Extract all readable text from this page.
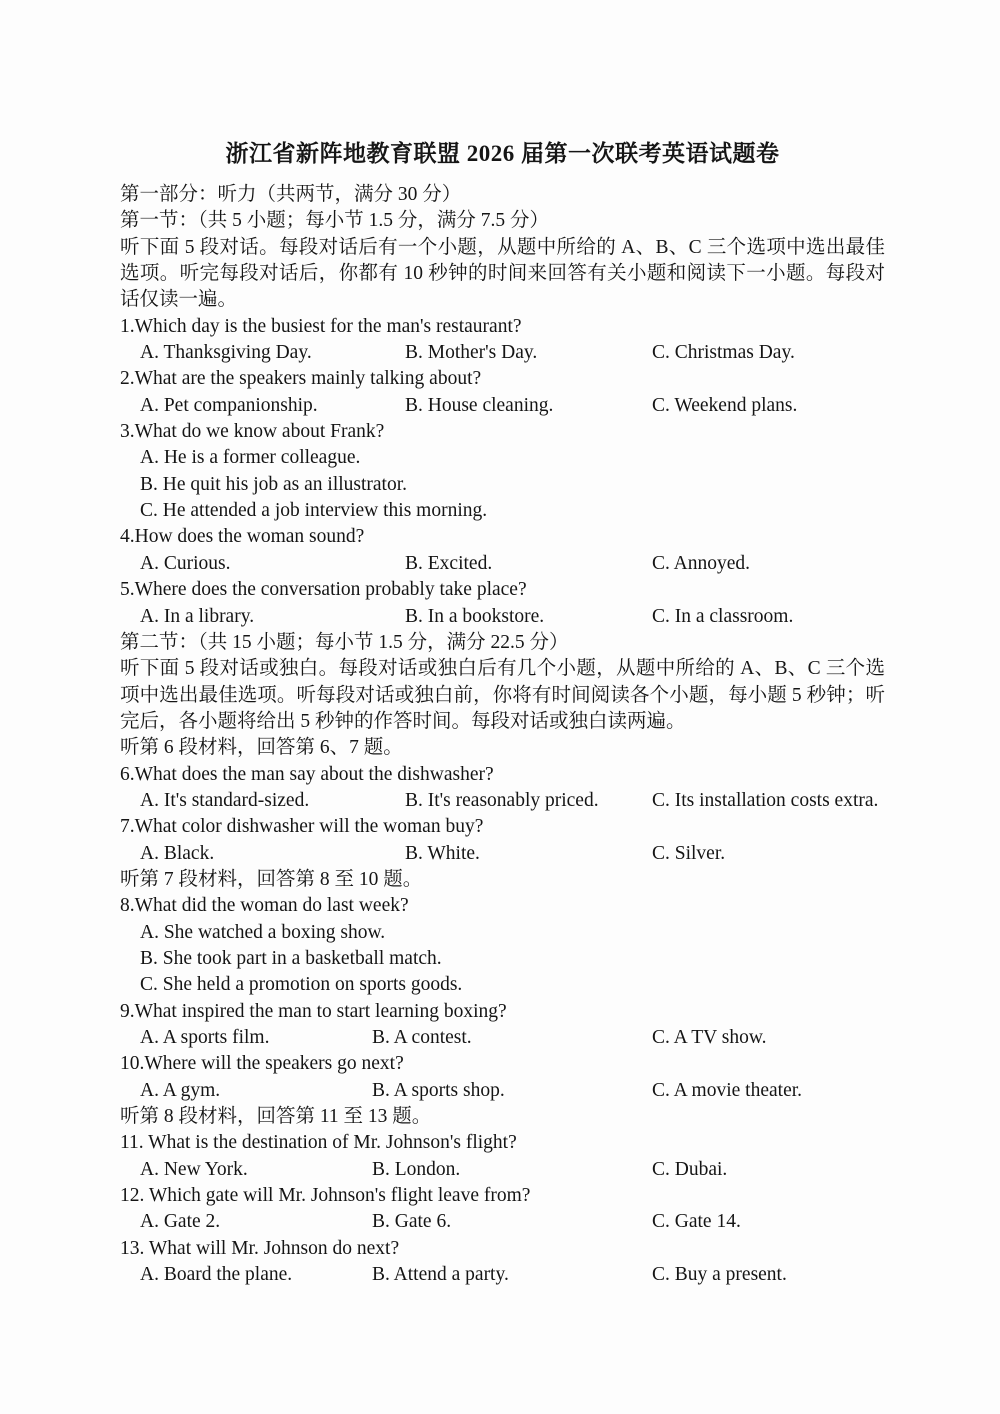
浙江省新阵地教育联盟 2026 届第一次联考英语试题卷

第一部分：听力（共两节，满分 30 分）

第一节：（共 5 小题；每小节 1.5 分，满分 7.5 分）

听下面 5 段对话。每段对话后有一个小题，从题中所给的 A、B、C 三个选项中选出最佳选项。听完每段对话后，你都有 10 秒钟的时间来回答有关小题和阅读下一小题。每段对话仅读一遍。

1.Which day is the busiest for the man's restaurant?

A. Thanksgiving Day.	B. Mother's Day.	C. Christmas Day.

2.What are the speakers mainly talking about?

A. Pet companionship.	B. House cleaning.	C. Weekend plans.

3.What do we know about Frank?

A. He is a former colleague.
B. He quit his job as an illustrator.
C. He attended a job interview this morning.

4.How does the woman sound?

A. Curious.	B. Excited.	C. Annoyed.

5.Where does the conversation probably take place?

A. In a library.	B. In a bookstore.	C. In a classroom.

第二节：（共 15 小题；每小节 1.5 分，满分 22.5 分）

听下面 5 段对话或独白。每段对话或独白后有几个小题，从题中所给的 A、B、C 三个选项中选出最佳选项。听每段对话或独白前，你将有时间阅读各个小题，每小题 5 秒钟；听完后，各小题将给出 5 秒钟的作答时间。每段对话或独白读两遍。

听第 6 段材料，回答第 6、7 题。

6.What does the man say about the dishwasher?

A. It's standard-sized.	B. It's reasonably priced.	C. Its installation costs extra.

7.What color dishwasher will the woman buy?

A. Black.	B. White.	C. Silver.

听第 7 段材料，回答第 8 至 10 题。

8.What did the woman do last week?

A. She watched a boxing show.
B. She took part in a basketball match.
C. She held a promotion on sports goods.

9.What inspired the man to start learning boxing?

A. A sports film.	B. A contest.	C. A TV show.

10.Where will the speakers go next?

A. A gym.	B. A sports shop.	C. A movie theater.

听第 8 段材料，回答第 11 至 13 题。

11. What is the destination of Mr. Johnson's flight?

A. New York.	B. London.	C. Dubai.

12. Which gate will Mr. Johnson's flight leave from?

A. Gate 2.	B. Gate 6.	C. Gate 14.

13. What will Mr. Johnson do next?

A. Board the plane.	B. Attend a party.	C. Buy a present.
